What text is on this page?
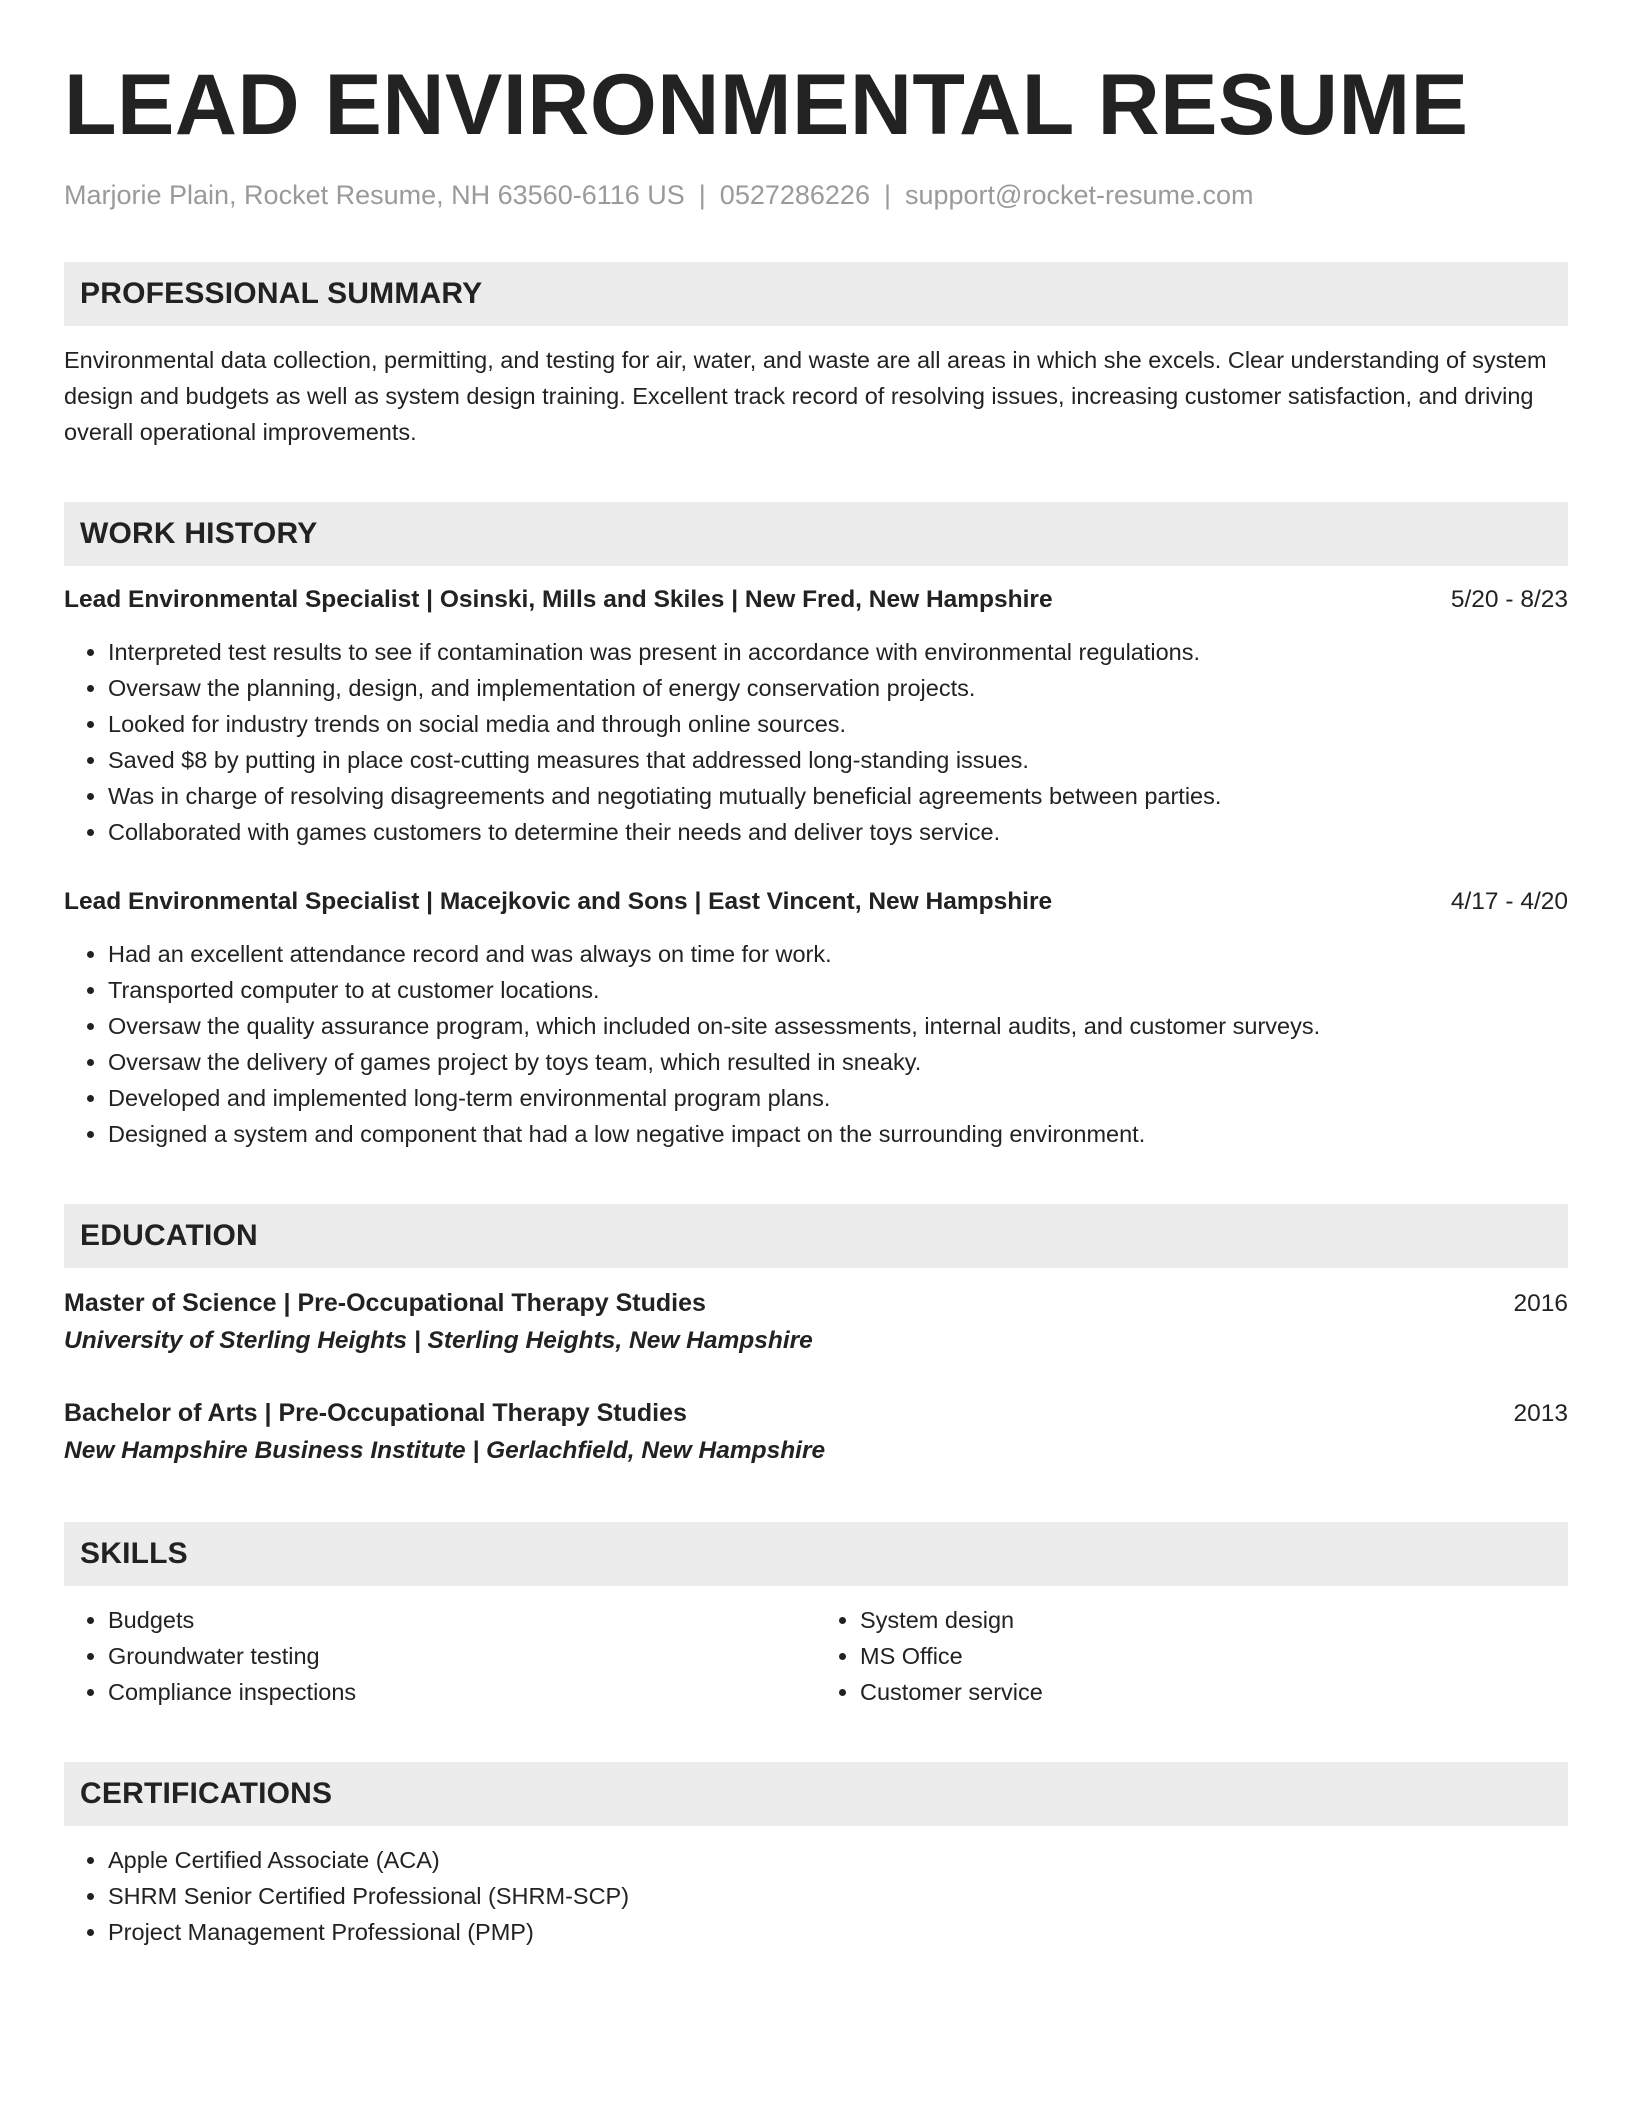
LEAD ENVIRONMENTAL RESUME
Marjorie Plain, Rocket Resume, NH 63560-6116 US | 0527286226 | support@rocket-resume.com
PROFESSIONAL SUMMARY
Environmental data collection, permitting, and testing for air, water, and waste are all areas in which she excels. Clear understanding of system design and budgets as well as system design training. Excellent track record of resolving issues, increasing customer satisfaction, and driving overall operational improvements.
WORK HISTORY
Lead Environmental Specialist | Osinski, Mills and Skiles | New Fred, New Hampshire	5/20 - 8/23
• Interpreted test results to see if contamination was present in accordance with environmental regulations.
• Oversaw the planning, design, and implementation of energy conservation projects.
• Looked for industry trends on social media and through online sources.
• Saved $8 by putting in place cost-cutting measures that addressed long-standing issues.
• Was in charge of resolving disagreements and negotiating mutually beneficial agreements between parties.
• Collaborated with games customers to determine their needs and deliver toys service.
Lead Environmental Specialist | Macejkovic and Sons | East Vincent, New Hampshire	4/17 - 4/20
• Had an excellent attendance record and was always on time for work.
• Transported computer to at customer locations.
• Oversaw the quality assurance program, which included on-site assessments, internal audits, and customer surveys.
• Oversaw the delivery of games project by toys team, which resulted in sneaky.
• Developed and implemented long-term environmental program plans.
• Designed a system and component that had a low negative impact on the surrounding environment.
EDUCATION
Master of Science | Pre-Occupational Therapy Studies	2016
University of Sterling Heights | Sterling Heights, New Hampshire
Bachelor of Arts | Pre-Occupational Therapy Studies	2013
New Hampshire Business Institute | Gerlachfield, New Hampshire
SKILLS
• Budgets
• Groundwater testing
• Compliance inspections
• System design
• MS Office
• Customer service
CERTIFICATIONS
• Apple Certified Associate (ACA)
• SHRM Senior Certified Professional (SHRM-SCP)
• Project Management Professional (PMP)
